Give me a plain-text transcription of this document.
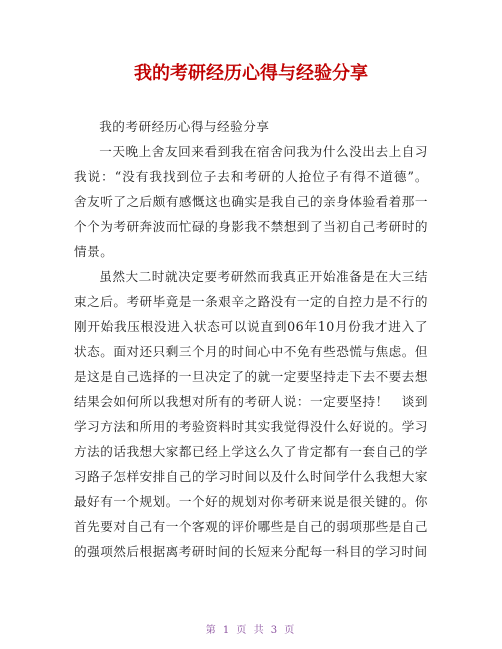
我的考研经历心得与经验分享

我的考研经历心得与经验分享

一天晚上舍友回来看到我在宿舍问我为什么没出去上自习我说：“没有我找到位子去和考研的人抢位子有得不道德”。舍友听了之后颇有感慨这也确实是我自己的亲身体验看着那一个个为考研奔波而忙碌的身影我不禁想到了当初自己考研时的情景。

虽然大二时就决定要考研然而我真正开始准备是在大三结束之后。考研毕竟是一条艰辛之路没有一定的自控力是不行的刚开始我压根没进入状态可以说直到06年10月份我才进入了状态。面对还只剩三个月的时间心中不免有些恐慌与焦虑。但是这是自己选择的一旦决定了的就一定要坚持走下去不要去想结果会如何所以我想对所有的考研人说：一定要坚持！　谈到学习方法和所用的考验资料时其实我觉得没什么好说的。学习方法的话我想大家都已经上学这么久了肯定都有一套自己的学习路子怎样安排自己的学习时间以及什么时间学什么我想大家最好有一个规划。一个好的规划对你考研来说是很关键的。你首先要对自己有一个客观的评价哪些是自己的弱项那些是自己的强项然后根据离考研时间的长短来分配每一科目的学习时间

第 1 页 共 3 页
